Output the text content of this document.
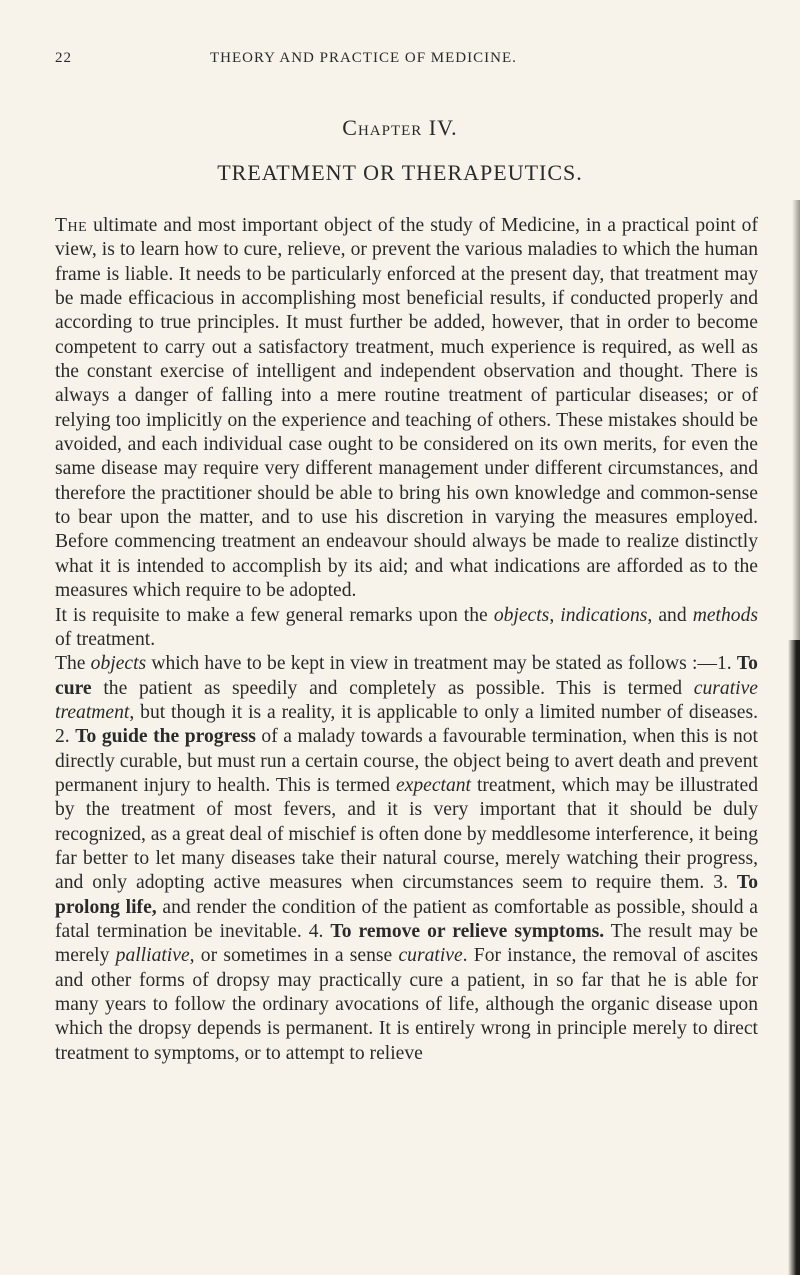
22	THEORY AND PRACTICE OF MEDICINE.
Chapter IV.
TREATMENT OR THERAPEUTICS.

The ultimate and most important object of the study of Medicine, in a practical point of view, is to learn how to cure, relieve, or prevent the various maladies to which the human frame is liable. It needs to be particularly enforced at the present day, that treatment may be made efficacious in accomplishing most beneficial results, if conducted properly and according to true principles. It must further be added, however, that in order to become competent to carry out a satisfactory treatment, much experience is required, as well as the constant exercise of intelligent and independent observation and thought. There is always a danger of falling into a mere routine treatment of particular diseases; or of relying too implicitly on the experience and teaching of others. These mistakes should be avoided, and each individual case ought to be considered on its own merits, for even the same disease may require very different management under different circumstances, and therefore the practitioner should be able to bring his own knowledge and common-sense to bear upon the matter, and to use his discretion in varying the measures employed. Before commencing treatment an endeavour should always be made to realize distinctly what it is intended to accomplish by its aid; and what indications are afforded as to the measures which require to be adopted.

It is requisite to make a few general remarks upon the objects, indications, and methods of treatment.

The objects which have to be kept in view in treatment may be stated as follows :—1. To cure the patient as speedily and completely as possible. This is termed curative treatment, but though it is a reality, it is applicable to only a limited number of diseases. 2. To guide the progress of a malady towards a favourable termination, when this is not directly curable, but must run a certain course, the object being to avert death and prevent permanent injury to health. This is termed expectant treatment, which may be illustrated by the treatment of most fevers, and it is very important that it should be duly recognized, as a great deal of mischief is often done by meddlesome interference, it being far better to let many diseases take their natural course, merely watching their progress, and only adopting active measures when circumstances seem to require them. 3. To prolong life, and render the condition of the patient as comfortable as possible, should a fatal termination be inevitable. 4. To remove or relieve symptoms. The result may be merely palliative, or sometimes in a sense curative. For instance, the removal of ascites and other forms of dropsy may practically cure a patient, in so far that he is able for many years to follow the ordinary avocations of life, although the organic disease upon which the dropsy depends is permanent. It is entirely wrong in principle merely to direct treatment to symptoms, or to attempt to relieve
